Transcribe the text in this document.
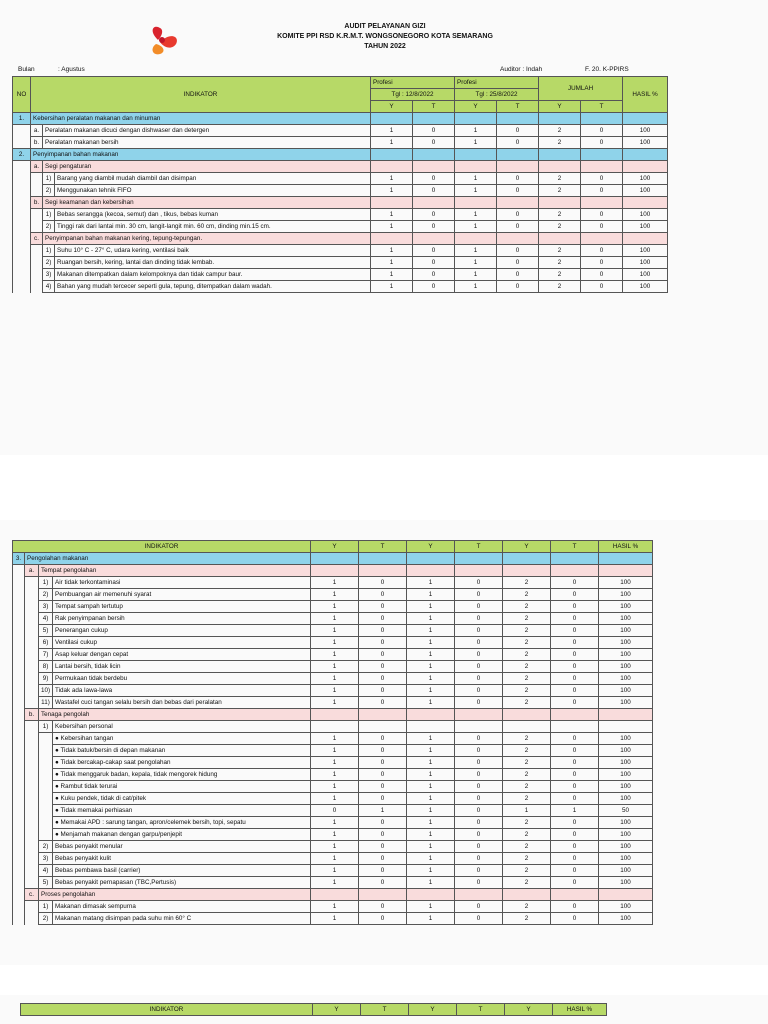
AUDIT PELAYANAN GIZI
KOMITE PPI RSD K.R.M.T. WONGSONEGORO KOTA SEMARANG
TAHUN 2022
Bulan	: Agustus	Auditor : Indah	F. 20. K-PPIRS
NO	INDIKATOR			Profesi		Profesi		JUMLAH		HASIL %
				Tgl : 12/8/2022		Tgl : 25/8/2022				
				Y	T	Y	T	Y	T	
1.	Kebersihan peralatan makanan dan minuman									
	a.	Peralatan makanan dicuci dengan dishwaser dan detergen		1	0	1	0	2	0	100
	b.	Peralatan makanan bersih		1	0	1	0	2	0	100
2.	Penyimpanan bahan makanan									
	a.	Segi pengaturan								
		1)	Barang yang diambil mudah diambil dan disimpan	1	0	1	0	2	0	100
		2)	Menggunakan tehnik FIFO	1	0	1	0	2	0	100
	b.	Segi keamanan dan kebersihan								
		1)	Bebas serangga (kecoa, semut) dan , tikus, bebas kuman	1	0	1	0	2	0	100
		2)	Tinggi rak dari lantai min. 30 cm, langit-langit min. 60 cm, dinding min.15 cm.	1	0	1	0	2	0	100
	c.	Penyimpanan bahan makanan kering, tepung-tepungan.								
		1)	Suhu 10° C - 27° C, udara kering, ventilasi baik	1	0	1	0	2	0	100
		2)	Ruangan bersih, kering, lantai dan dinding tidak lembab.	1	0	1	0	2	0	100
		3)	Makanan ditempatkan dalam kelompoknya dan tidak campur baur.	1	0	1	0	2	0	100
		4)	Bahan yang mudah tercecer seperti gula, tepung, ditempatkan dalam wadah.	1	0	1	0	2	0	100
INDIKATOR				Y	T	Y	T	Y	T	HASIL %
3.	Pengolahan makanan									
	a.	Tempat pengolahan								
		1)	Air tidak terkontaminasi	1	0	1	0	2	0	100
		2)	Pembuangan air memenuhi syarat	1	0	1	0	2	0	100
		3)	Tempat sampah tertutup	1	0	1	0	2	0	100
		4)	Rak penyimpanan bersih	1	0	1	0	2	0	100
		5)	Penerangan cukup	1	0	1	0	2	0	100
		6)	Ventilasi cukup	1	0	1	0	2	0	100
		7)	Asap keluar dengan cepat	1	0	1	0	2	0	100
		8)	Lantai bersih, tidak licin	1	0	1	0	2	0	100
		9)	Permukaan tidak berdebu	1	0	1	0	2	0	100
		10)	Tidak ada lawa-lawa	1	0	1	0	2	0	100
		11)	Wastafel cuci tangan selalu bersih dan bebas dari peralatan	1	0	1	0	2	0	100
	b.	Tenaga pengolah								
		1)	Kebersihan personal							
			● Kebersihan tangan	1	0	1	0	2	0	100
			● Tidak batuk/bersin di depan makanan	1	0	1	0	2	0	100
			● Tidak bercakap-cakap saat pengolahan	1	0	1	0	2	0	100
			● Tidak menggaruk badan, kepala, tidak mengorek hidung	1	0	1	0	2	0	100
			● Rambut tidak terurai	1	0	1	0	2	0	100
			● Kuku pendek, tidak di cat/pitek	1	0	1	0	2	0	100
			● Tidak memakai perhiasan	0	1	1	0	1	1	50
			● Memakai APD : sarung tangan, apron/celemek bersih, topi, sepatu	1	0	1	0	2	0	100
			● Menjamah makanan dengan garpu/penjepit	1	0	1	0	2	0	100
		2)	Bebas penyakit menular	1	0	1	0	2	0	100
		3)	Bebas penyakit kulit	1	0	1	0	2	0	100
		4)	Bebas pembawa basil (carrier)	1	0	1	0	2	0	100
		5)	Bebas penyakit pernapasan (TBC,Pertusis)	1	0	1	0	2	0	100
	c.	Proses pengolahan								
		1)	Makanan dimasak sempurna	1	0	1	0	2	0	100
		2)	Makanan matang disimpan pada suhu min 60° C	1	0	1	0	2	0	100
INDIKATOR	Y	T	Y	T	Y	HASIL %
